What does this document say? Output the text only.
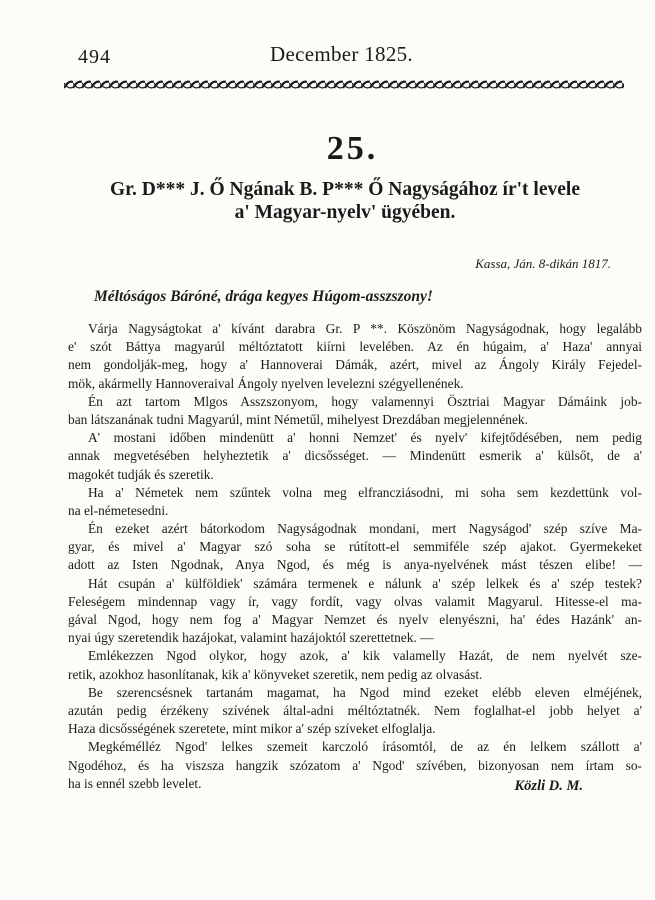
494	December 1825.
25.
Gr. D*** J. Ő Ngának B. P*** Ő Nagyságához ír't levele
a' Magyar-nyelv' ügyében.
Kassa, Ján. 8-dikán 1817.
Méltóságos Báróné, drága kegyes Húgom-asszszony!
Várja Nagyságtokat a' kívánt darabra Gr. P **. Köszönöm Nagyságodnak, hogy legalább
e' szót Báttya magyarúl méltóztatott kiírni levelében. Az én húgaim, a' Haza' annyai
nem gondolják-meg, hogy a' Hannoverai Dámák, azért, mivel az Ángoly Király Fejedel-
mök, akármelly Hannoveraival Ángoly nyelven levelezni szégyellenének.
Én azt tartom Mlgos Asszszonyom, hogy valamennyi Ösztriai Magyar Dámáink job-
ban látszanának tudni Magyarúl, mint Németűl, mihelyest Drezdában megjelennének.
A' mostani időben mindenütt a' honni Nemzet' és nyelv' kifejtődésében, nem pedig
annak megvetésében helyheztetik a' dicsősséget. — Mindenütt esmerik a' külsőt, de a'
magokét tudják és szeretik.
Ha a' Németek nem szűntek volna meg elfrancziásodni, mi soha sem kezdettünk vol-
na el-németesedni.
Én ezeket azért bátorkodom Nagyságodnak mondani, mert Nagyságod' szép szíve Ma-
gyar, és mivel a' Magyar szó soha se rútított-el semmiféle szép ajakot. Gyermekeket
adott az Isten Ngodnak, Anya Ngod, és még is anya-nyelvének mást tészen elibe! —
Hát csupán a' külföldiek' számára termenek e nálunk a' szép lelkek és a' szép testek?
Feleségem mindennap vagy ír, vagy fordít, vagy olvas valamit Magyarul. Hitesse-el ma-
gával Ngod, hogy nem fog a' Magyar Nemzet és nyelv elenyészni, ha' édes Hazánk' an-
nyai úgy szeretendik hazájokat, valamint hazájoktól szerettetnek. —
Emlékezzen Ngod olykor, hogy azok, a' kik valamelly Hazát, de nem nyelvét sze-
retik, azokhoz hasonlítanak, kik a' könyveket szeretik, nem pedig az olvasást.
Be szerencsésnek tartanám magamat, ha Ngod mind ezeket elébb eleven elméjének,
azután pedig érzékeny szívének által-adni méltóztatnék. Nem foglalhat-el jobb helyet a'
Haza dicsősségének szeretete, mint mikor a' szép szíveket elfoglalja.
Megkémélléz Ngod' lelkes szemeit karczoló írásomtól, de az én lelkem szállott a'
Ngodéhoz, és ha viszsza hangzik szózatom a' Ngod' szívében, bizonyosan nem írtam so-
ha is ennél szebb levelet.	Közli D. M.
